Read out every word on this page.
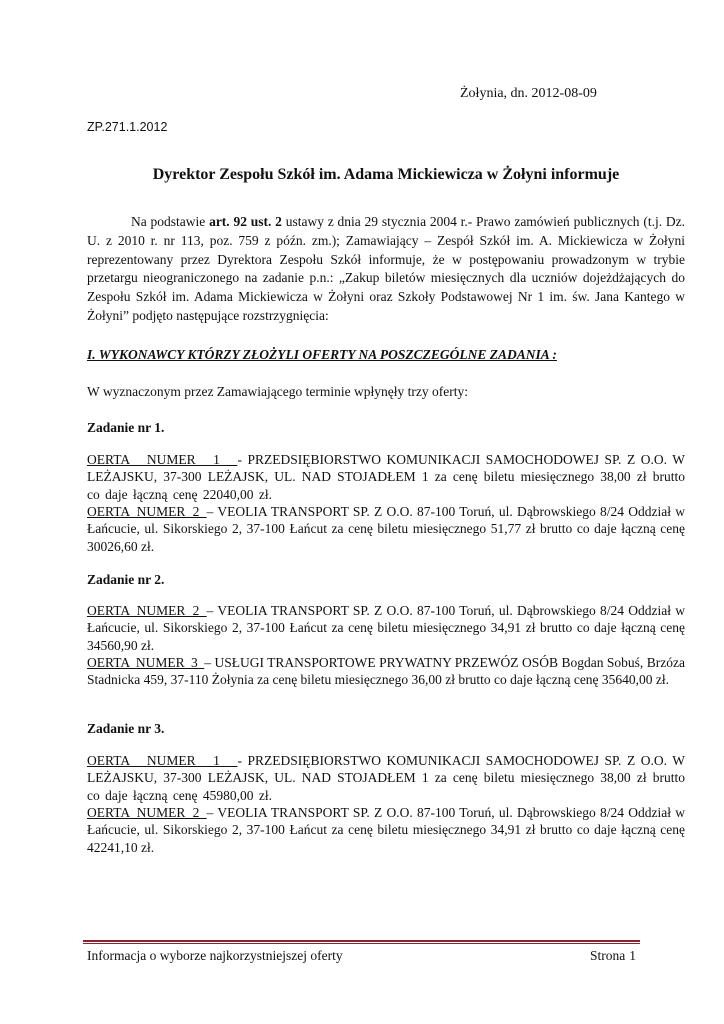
Żołynia, dn. 2012-08-09
ZP.271.1.2012
Dyrektor Zespołu Szkół im. Adama Mickiewicza w Żołyni informuje
Na podstawie art. 92 ust. 2 ustawy z dnia 29 stycznia 2004 r.- Prawo zamówień publicznych (t.j. Dz. U. z 2010 r. nr 113, poz. 759 z późn. zm.); Zamawiający – Zespół Szkół im. A. Mickiewicza w Żołyni reprezentowany przez Dyrektora Zespołu Szkół informuje, że w postępowaniu prowadzonym w trybie przetargu nieograniczonego na zadanie p.n.: „Zakup biletów miesięcznych dla uczniów dojeżdżających do Zespołu Szkół im. Adama Mickiewicza w Żołyni oraz Szkoły Podstawowej Nr 1 im. św. Jana Kantego w Żołyni” podjęto następujące rozstrzygnięcia:
I. WYKONAWCY KTÓRZY ZŁOŻYLI OFERTY NA POSZCZEGÓLNE ZADANIA :
W wyznaczonym przez Zamawiającego terminie wpłynęły trzy oferty:
Zadanie nr 1.
OERTA NUMER 1 - PRZEDSIĘBIORSTWO KOMUNIKACJI SAMOCHODOWEJ SP. Z O.O. W LEŻAJSKU, 37-300 LEŻAJSK, UL. NAD STOJADŁEM 1 za cenę biletu miesięcznego 38,00 zł brutto co daje łączną cenę 22040,00 zł.
OERTA NUMER 2 – VEOLIA TRANSPORT SP. Z O.O. 87-100 Toruń, ul. Dąbrowskiego 8/24 Oddział w Łańcucie, ul. Sikorskiego 2, 37-100 Łańcut za cenę biletu miesięcznego 51,77 zł brutto co daje łączną cenę 30026,60 zł.
Zadanie nr 2.
OERTA NUMER 2 – VEOLIA TRANSPORT SP. Z O.O. 87-100 Toruń, ul. Dąbrowskiego 8/24 Oddział w Łańcucie, ul. Sikorskiego 2, 37-100 Łańcut za cenę biletu miesięcznego 34,91 zł brutto co daje łączną cenę 34560,90 zł.
OERTA NUMER 3 – USŁUGI TRANSPORTOWE PRYWATNY PRZEWÓZ OSÓB Bogdan Sobuś, Brzóza Stadnicka 459, 37-110 Żołynia za cenę biletu miesięcznego 36,00 zł brutto co daje łączną cenę 35640,00 zł.
Zadanie nr 3.
OERTA NUMER 1 - PRZEDSIĘBIORSTWO KOMUNIKACJI SAMOCHODOWEJ SP. Z O.O. W LEŻAJSKU, 37-300 LEŻAJSK, UL. NAD STOJADŁEM 1 za cenę biletu miesięcznego 38,00 zł brutto co daje łączną cenę 45980,00 zł.
OERTA NUMER 2 – VEOLIA TRANSPORT SP. Z O.O. 87-100 Toruń, ul. Dąbrowskiego 8/24 Oddział w Łańcucie, ul. Sikorskiego 2, 37-100 Łańcut za cenę biletu miesięcznego 34,91 zł brutto co daje łączną cenę 42241,10 zł.
Informacja o wyborze najkorzystniejszej oferty	Strona 1
